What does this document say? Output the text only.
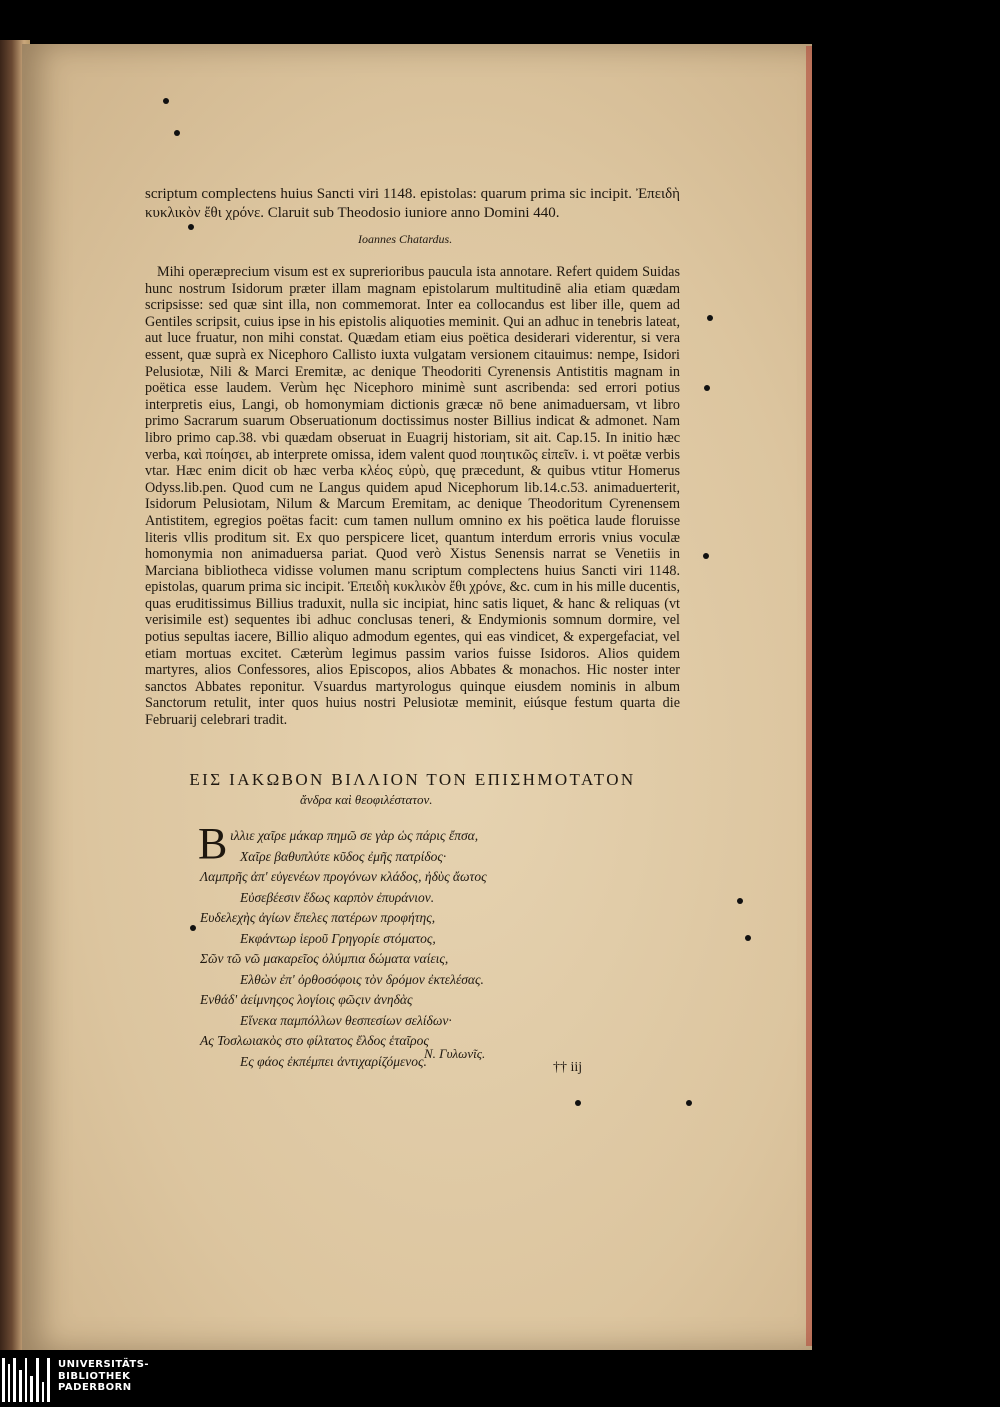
scriptum complectens huius Sancti viri 1148. epistolas: quarum prima sic incipit. Ἐπειδὴ κυκλικὸν ἔθι χρόνε. Claruit sub Theodosio iuniore anno Domini 440.
Ioannes Chatardus.

Mihi operæprecium visum est ex suprerioribus paucula ista annotare. Refert quidem Suidas hunc nostrum Isidorum præter illam magnam epistolarum multitudinē alia etiam quædam scripsisse: sed quæ sint illa, non commemorat. Inter ea collocandus est liber ille, quem ad Gentiles scripsit, cuius ipse in his epistolis aliquoties meminit. Qui an adhuc in tenebris lateat, aut luce fruatur, non mihi constat. Quædam etiam eius poëtica desiderari viderentur, si vera essent, quæ suprà ex Nicephoro Callisto iuxta vulgatam versionem citauimus: nempe, Isidori Pelusiotæ, Nili & Marci Eremitæ, ac denique Theodoriti Cyrenensis Antistitis magnam in poëtica esse laudem. Verùm hęc Nicephoro minimè sunt ascribenda: sed errori potius interpretis eius, Langi, ob homonymiam dictionis græcæ nō bene animaduersam, vt libro primo Sacrarum suarum Obseruationum doctissimus noster Billius indicat & admonet. Nam libro primo cap.38. vbi quædam obseruat in Euagrij historiam, sit ait. Cap.15. In initio hæc verba, καὶ ποίησει, ab interprete omissa, idem valent quod ποιητικῶς εἰπεῖν. i. vt poëtæ verbis vtar. Hæc enim dicit ob hæc verba κλέος εὐρὺ, quę præcedunt, & quibus vtitur Homerus Odyss.lib.pen. Quod cum ne Langus quidem apud Nicephorum lib.14.c.53. animaduerterit, Isidorum Pelusiotam, Nilum & Marcum Eremitam, ac denique Theodoritum Cyrenensem Antistitem, egregios poëtas facit: cum tamen nullum omnino ex his poëtica laude floruisse literis vllis proditum sit. Ex quo perspicere licet, quantum interdum erroris vnius voculæ homonymia non animaduersa pariat. Quod verò Xistus Senensis narrat se Venetiis in Marciana bibliotheca vidisse volumen manu scriptum complectens huius Sancti viri 1148. epistolas, quarum prima sic incipit. Ἐπειδὴ κυκλικὸν ἔθι χρόνε, &c. cum in his mille ducentis, quas eruditissimus Billius traduxit, nulla sic incipiat, hinc satis liquet, & hanc & reliquas (vt verisimile est) sequentes ibi adhuc conclusas teneri, & Endymionis somnum dormire, vel potius sepultas iacere, Billio aliquo admodum egentes, qui eas vindicet, & expergefaciat, vel etiam mortuas excitet. Cæterùm legimus passim varios fuisse Isidoros. Alios quidem martyres, alios Confessores, alios Episcopos, alios Abbates & monachos. Hic noster inter sanctos Abbates reponitur. Vsuardus martyrologus quinque eiusdem nominis in album Sanctorum retulit, inter quos huius nostri Pelusiotæ meminit, eiúsque festum quarta die Februarij celebrari tradit.

ΕΙΣ ΙΑΚΩΒΟΝ ΒΙΛΛΙΟΝ ΤΟΝ ΕΠΙΣΗΜΟΤΑΤΟΝ
ἄνδρα καὶ θεοφιλέστατον.
B ιλλιε χαῖρε μάκαρ πημῶ σε γὰρ ὡς πάρις ἔπσα,
Χαῖρε βαθυπλύτε κῦδος ἐμῆς πατρίδος·
Λαμπρῆς ἀπ' εὐγενέων προγόνων κλάδος, ἠδὺς ἄωτος
Εὐσεβέεσιν ἔδως καρπὸν ἐπυράνιον.
Ευδελεχὴς ἀγίων ἔπελες πατέρων προφήτης,
Εκφάντωρ ἱεροῦ Γρηγορίε στόματος,
Σῶν τῶ νῶ μακαρεῖος ὀλύμπια δώματα ναίεις,
Ελθὼν ἐπ' ὀρθοσόφοις τὸν δρόμον ἐκτελέσας.
Ενθάδ' ἀείμνηςος λογίοις φῶςιν ἀνηδὰς
Εἵνεκα παμπόλλων θεσπεσίων σελίδων·
Ας Τοσλωιακὸς στο φίλτατος ἔλδος ἑταῖρος
Ες φάος ἐκπέμπει ἀντιχαρίζόμενος.
Ν. Γυλωνῖς.
†† iij
UNIVERSITÄTS-
BIBLIOTHEK
PADERBORN
